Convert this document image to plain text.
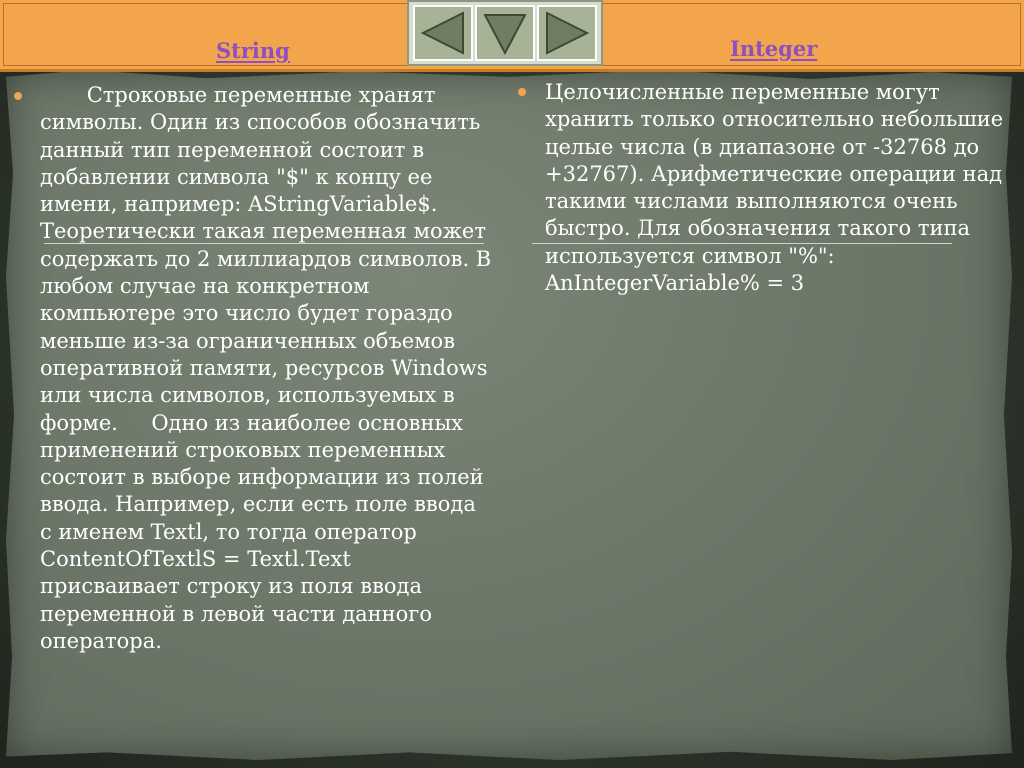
String	Integer
Строковые переменные хранят символы. Один из способов обозначить данный тип переменной состоит в добавлении символа "$" к концу ее имени, например: AStringVariable$. Теоретически такая переменная может содержать до 2 миллиардов символов. В любом случае на конкретном компьютере это число будет гораздо меньше из-за ограниченных объемов оперативной памяти, ресурсов Windows или числа символов, используемых в форме.     Одно из наиболее основных применений строковых переменных состоит в выборе информации из полей ввода. Например, если есть поле ввода с именем Textl, то тогда оператор ContentOfTextlS = Textl.Text присваивает строку из поля ввода переменной в левой части данного оператора.
Целочисленные переменные могут хранить только относительно небольшие целые числа (в диапазоне от -32768 до +32767). Арифметические операции над такими числами выполняются очень быстро. Для обозначения такого типа используется символ "%": AnIntegerVariable% = 3
